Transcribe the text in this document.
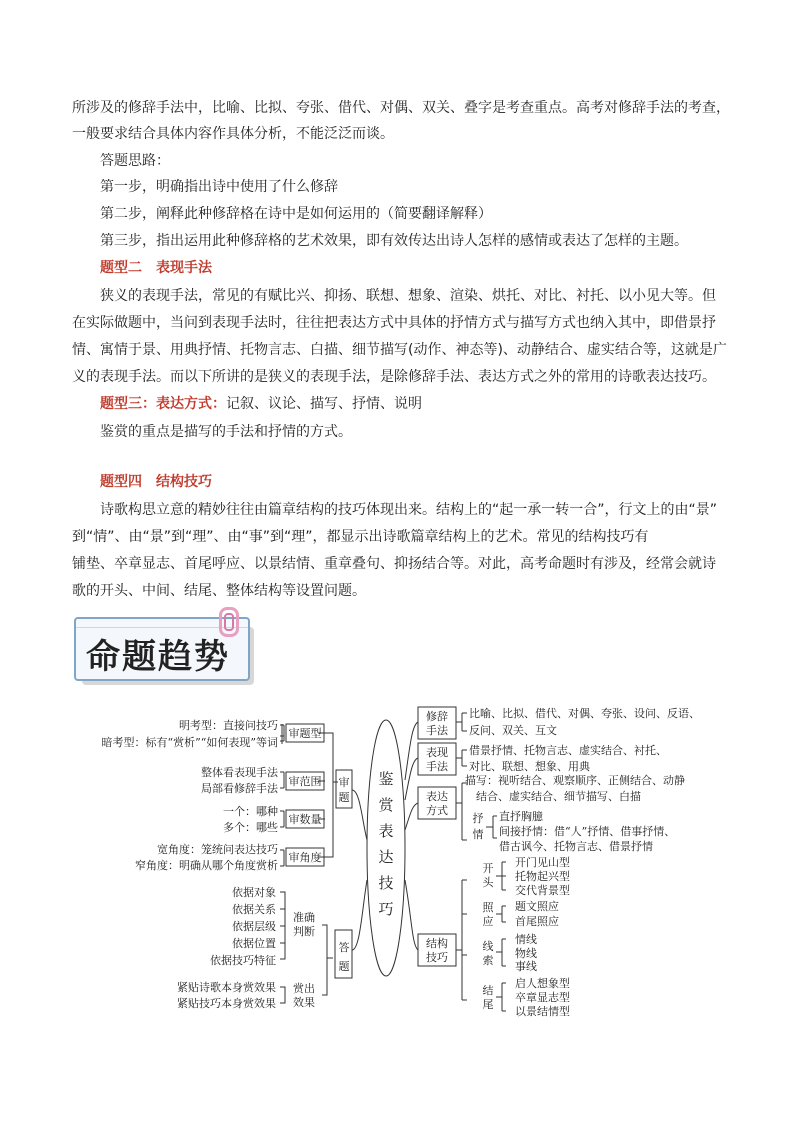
所涉及的修辞手法中，比喻、比拟、夸张、借代、对偶、双关、叠字是考查重点。高考对修辞手法的考查，

一般要求结合具体内容作具体分析，不能泛泛而谈。

答题思路：
第一步，明确指出诗中使用了什么修辞
第二步，阐释此种修辞格在诗中是如何运用的（简要翻译解释）
第三步，指出运用此种修辞格的艺术效果，即有效传达出诗人怎样的感情或表达了怎样的主题。
题型二　表现手法

狭义的表现手法，常见的有赋比兴、抑扬、联想、想象、渲染、烘托、对比、衬托、以小见大等。但

在实际做题中，当问到表现手法时，往往把表达方式中具体的抒情方式与描写方式也纳入其中，即借景抒

情、寓情于景、用典抒情、托物言志、白描、细节描写(动作、神态等)、动静结合、虚实结合等，这就是广

义的表现手法。而以下所讲的是狭义的表现手法，是除修辞手法、表达方式之外的常用的诗歌表达技巧。

题型三：表达方式：记叙、议论、描写、抒情、说明
鉴赏的重点是描写的手法和抒情的方式。
题型四　结构技巧

诗歌构思立意的精妙往往由篇章结构的技巧体现出来。结构上的“起一承一转一合”，行文上的由“景”

到“情”、由“景”到“理”、由“事”到“理”，都显示出诗歌篇章结构上的艺术。常见的结构技巧有

铺垫、卒章显志、首尾呼应、以景结情、重章叠句、抑扬结合等。对此，高考命题时有涉及，经常会就诗

歌的开头、中间、结尾、整体结构等设置问题。

命题趋势
鉴
赏
表
达
技
巧
审
题
审题型
明考型：直接问技巧
暗考型：标有“赏析”“如何表现”等词
审范围
整体看表现手法
局部看修辞手法
审数量
一个：哪种
多个：哪些
审角度
宽角度：笼统问表达技巧
窄角度：明确从哪个角度赏析
答
题
准确
判断
依据对象
依据关系
依据层级
依据位置
依据技巧特征
赏出
效果
紧贴诗歌本身赏效果
紧贴技巧本身赏效果
修辞
手法
比喻、比拟、借代、对偶、夸张、设问、反语、
反问、双关、互文
表现
手法
借景抒情、托物言志、虚实结合、衬托、
对比、联想、想象、用典
表达
方式
描写：视听结合、观察顺序、正侧结合、动静
结合、虚实结合、细节描写、白描
抒
情
直抒胸臆
间接抒情：借“人”抒情、借事抒情、
借古讽今、托物言志、借景抒情
结构
技巧
开
头
开门见山型
托物起兴型
交代背景型
照
应
题文照应
首尾照应
线
索
情线
物线
事线
结
尾
启人想象型
卒章显志型
以景结情型
